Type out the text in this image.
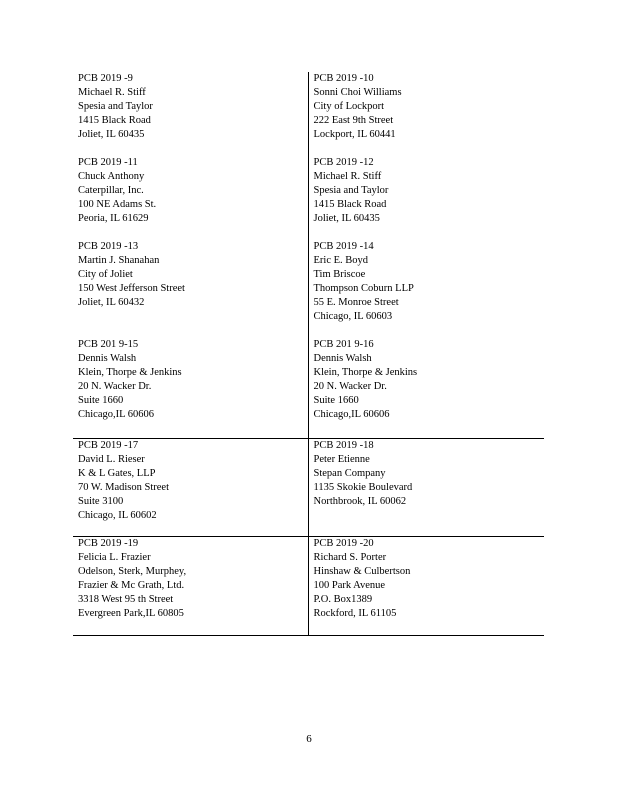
PCB 2019 -9
Michael R. Stiff
Spesia and Taylor
1415 Black Road
Joliet, IL 60435
PCB 2019 -10
Sonni Choi Williams
City of Lockport
222 East 9th Street
Lockport, IL 60441
PCB 2019 -11
Chuck Anthony
Caterpillar, Inc.
100 NE Adams St.
Peoria, IL 61629
PCB 2019 -12
Michael R. Stiff
Spesia and Taylor
1415 Black Road
Joliet, IL 60435
PCB 2019 -13
Martin J. Shanahan
City of Joliet
150 West Jefferson Street
Joliet, IL 60432
PCB 2019 -14
Eric E. Boyd
Tim Briscoe
Thompson Coburn LLP
55 E. Monroe Street
Chicago, IL 60603
PCB 201 9-15
Dennis Walsh
Klein, Thorpe & Jenkins
20 N. Wacker Dr.
Suite 1660
Chicago,IL 60606
PCB 201 9-16
Dennis Walsh
Klein, Thorpe & Jenkins
20 N. Wacker Dr.
Suite 1660
Chicago,IL 60606
PCB 2019 -17
David L. Rieser
K & L Gates, LLP
70 W. Madison Street
Suite 3100
Chicago, IL 60602
PCB 2019 -18
Peter Etienne
Stepan Company
1135 Skokie Boulevard
Northbrook, IL 60062
PCB 2019 -19
Felicia L. Frazier
Odelson, Sterk, Murphey,
Frazier & Mc Grath, Ltd.
3318 West 95 th Street
Evergreen Park,IL 60805
PCB 2019 -20
Richard S. Porter
Hinshaw & Culbertson
100 Park Avenue
P.O. Box1389
Rockford, IL 61105
6
